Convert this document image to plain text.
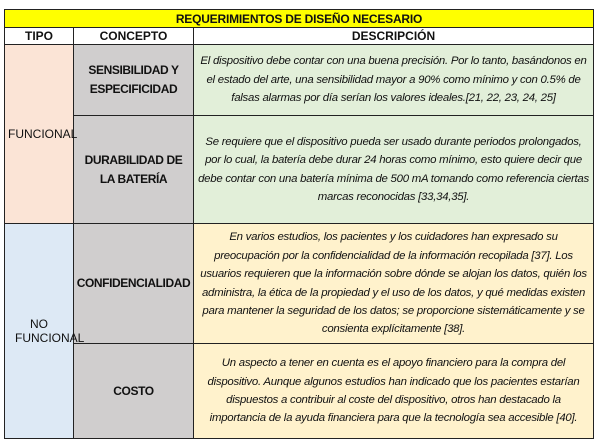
REQUERIMIENTOS DE DISEÑO NECESARIO		
TIPO	CONCEPTO	DESCRIPCIÓN
FUNCIONAL	SENSIBILIDAD Y ESPECIFICIDAD	El dispositivo debe contar con una buena precisión. Por lo tanto, basándonos en el estado del arte, una sensibilidad mayor a 90% como mínimo y con 0.5% de falsas alarmas por día serían los valores ideales.[21, 22, 23, 24, 25]
	DURABILIDAD DE LA BATERÍA	Se requiere que el dispositivo pueda ser usado durante periodos prolongados, por lo cual, la batería debe durar 24 horas como mínimo, esto quiere decir que debe contar con una batería mínima de 500 mA tomando como referencia ciertas marcas reconocidas [33,34,35].
NO FUNCIONAL	CONFIDENCIALIDAD	En varios estudios, los pacientes y los cuidadores han expresado su preocupación por la confidencialidad de la información recopilada [37]. Los usuarios requieren que la información sobre dónde se alojan los datos, quién los administra, la ética de la propiedad y el uso de los datos, y qué medidas existen para mantener la seguridad de los datos; se proporcione sistemáticamente y se consienta explícitamente [38].
	COSTO	Un aspecto a tener en cuenta es el apoyo financiero para la compra del dispositivo. Aunque algunos estudios han indicado que los pacientes estarían dispuestos a contribuir al coste del dispositivo, otros han destacado la importancia de la ayuda financiera para que la tecnología sea accesible [40].
